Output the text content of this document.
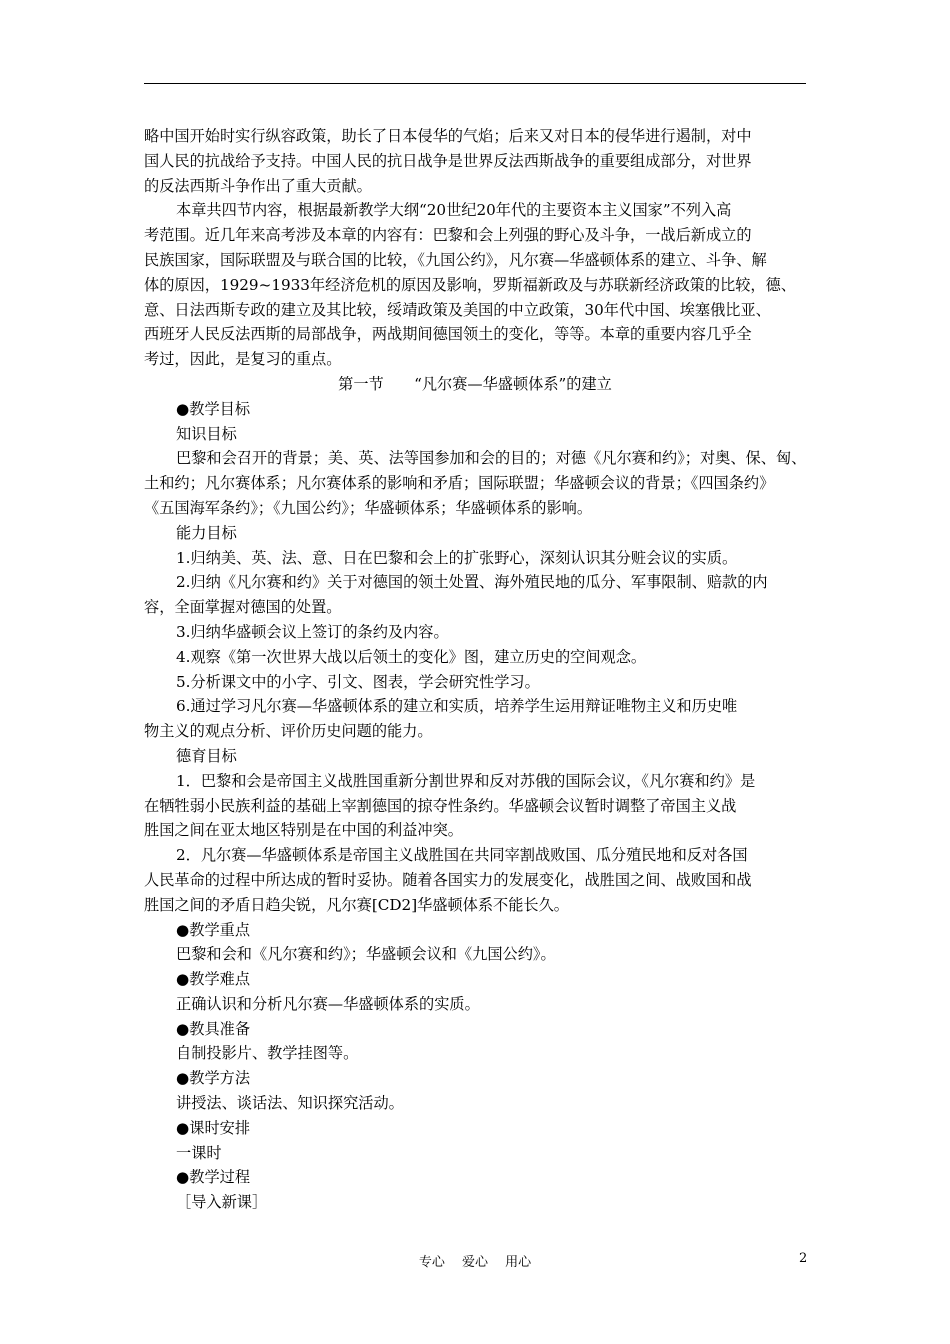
略中国开始时实行纵容政策，助长了日本侵华的气焰；后来又对日本的侵华进行遏制，对中
国人民的抗战给予支持。中国人民的抗日战争是世界反法西斯战争的重要组成部分，对世界
的反法西斯斗争作出了重大贡献。
本章共四节内容，根据最新教学大纲“20世纪20年代的主要资本主义国家”不列入高
考范围。近几年来高考涉及本章的内容有：巴黎和会上列强的野心及斗争，一战后新成立的
民族国家，国际联盟及与联合国的比较，《九国公约》，凡尔赛—华盛顿体系的建立、斗争、解
体的原因，1929~1933年经济危机的原因及影响，罗斯福新政及与苏联新经济政策的比较，德、
意、日法西斯专政的建立及其比较，绥靖政策及美国的中立政策，30年代中国、埃塞俄比亚、
西班牙人民反法西斯的局部战争，两战期间德国领土的变化，等等。本章的重要内容几乎全
考过，因此，是复习的重点。
第一节　　“凡尔赛—华盛顿体系”的建立
●教学目标
知识目标
巴黎和会召开的背景；美、英、法等国参加和会的目的；对德《凡尔赛和约》；对奥、保、匈、
土和约；凡尔赛体系；凡尔赛体系的影响和矛盾；国际联盟；华盛顿会议的背景；《四国条约》
《五国海军条约》；《九国公约》；华盛顿体系；华盛顿体系的影响。
能力目标
1.归纳美、英、法、意、日在巴黎和会上的扩张野心，深刻认识其分赃会议的实质。
2.归纳《凡尔赛和约》关于对德国的领土处置、海外殖民地的瓜分、军事限制、赔款的内
容，全面掌握对德国的处置。
3.归纳华盛顿会议上签订的条约及内容。
4.观察《第一次世界大战以后领土的变化》图，建立历史的空间观念。
5.分析课文中的小字、引文、图表，学会研究性学习。
6.通过学习凡尔赛—华盛顿体系的建立和实质，培养学生运用辩证唯物主义和历史唯
物主义的观点分析、评价历史问题的能力。
德育目标
1．巴黎和会是帝国主义战胜国重新分割世界和反对苏俄的国际会议，《凡尔赛和约》是
在牺牲弱小民族利益的基础上宰割德国的掠夺性条约。华盛顿会议暂时调整了帝国主义战
胜国之间在亚太地区特别是在中国的利益冲突。
2．凡尔赛—华盛顿体系是帝国主义战胜国在共同宰割战败国、瓜分殖民地和反对各国
人民革命的过程中所达成的暂时妥协。随着各国实力的发展变化，战胜国之间、战败国和战
胜国之间的矛盾日趋尖锐，凡尔赛[CD2]华盛顿体系不能长久。
●教学重点
巴黎和会和《凡尔赛和约》；华盛顿会议和《九国公约》。
●教学难点
正确认识和分析凡尔赛—华盛顿体系的实质。
●教具准备
自制投影片、教学挂图等。
●教学方法
讲授法、谈话法、知识探究活动。
●课时安排
一课时
●教学过程
［导入新课］
专心　 爱心　 用心	2
